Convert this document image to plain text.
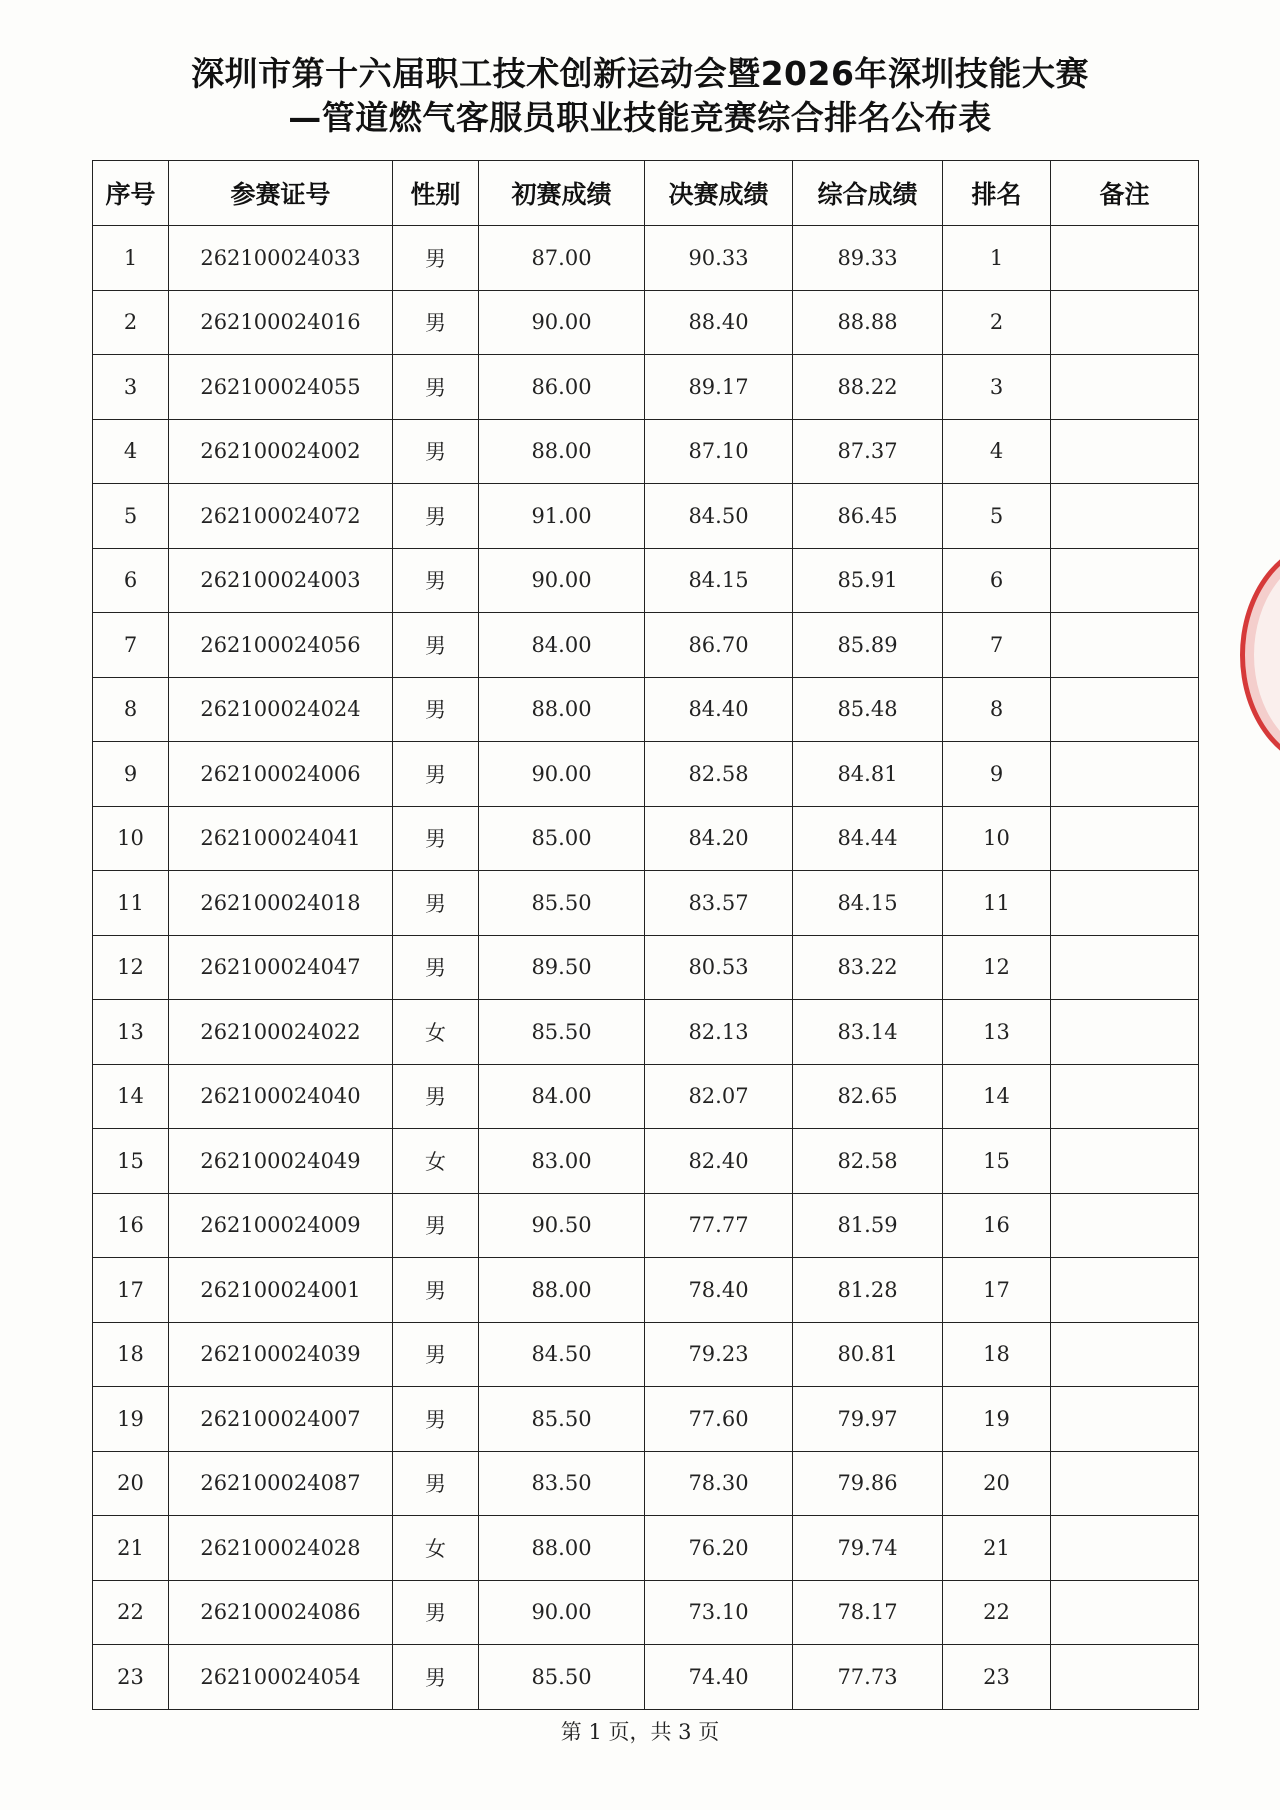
深圳市第十六届职工技术创新运动会暨2026年深圳技能大赛
—管道燃气客服员职业技能竞赛综合排名公布表
序号	参赛证号	性别	初赛成绩	决赛成绩	综合成绩	排名	备注
1	262100024033	男	87.00	90.33	89.33	1	
2	262100024016	男	90.00	88.40	88.88	2	
3	262100024055	男	86.00	89.17	88.22	3	
4	262100024002	男	88.00	87.10	87.37	4	
5	262100024072	男	91.00	84.50	86.45	5	
6	262100024003	男	90.00	84.15	85.91	6	
7	262100024056	男	84.00	86.70	85.89	7	
8	262100024024	男	88.00	84.40	85.48	8	
9	262100024006	男	90.00	82.58	84.81	9	
10	262100024041	男	85.00	84.20	84.44	10	
11	262100024018	男	85.50	83.57	84.15	11	
12	262100024047	男	89.50	80.53	83.22	12	
13	262100024022	女	85.50	82.13	83.14	13	
14	262100024040	男	84.00	82.07	82.65	14	
15	262100024049	女	83.00	82.40	82.58	15	
16	262100024009	男	90.50	77.77	81.59	16	
17	262100024001	男	88.00	78.40	81.28	17	
18	262100024039	男	84.50	79.23	80.81	18	
19	262100024007	男	85.50	77.60	79.97	19	
20	262100024087	男	83.50	78.30	79.86	20	
21	262100024028	女	88.00	76.20	79.74	21	
22	262100024086	男	90.00	73.10	78.17	22	
23	262100024054	男	85.50	74.40	77.73	23	
第 1 页，共 3 页
